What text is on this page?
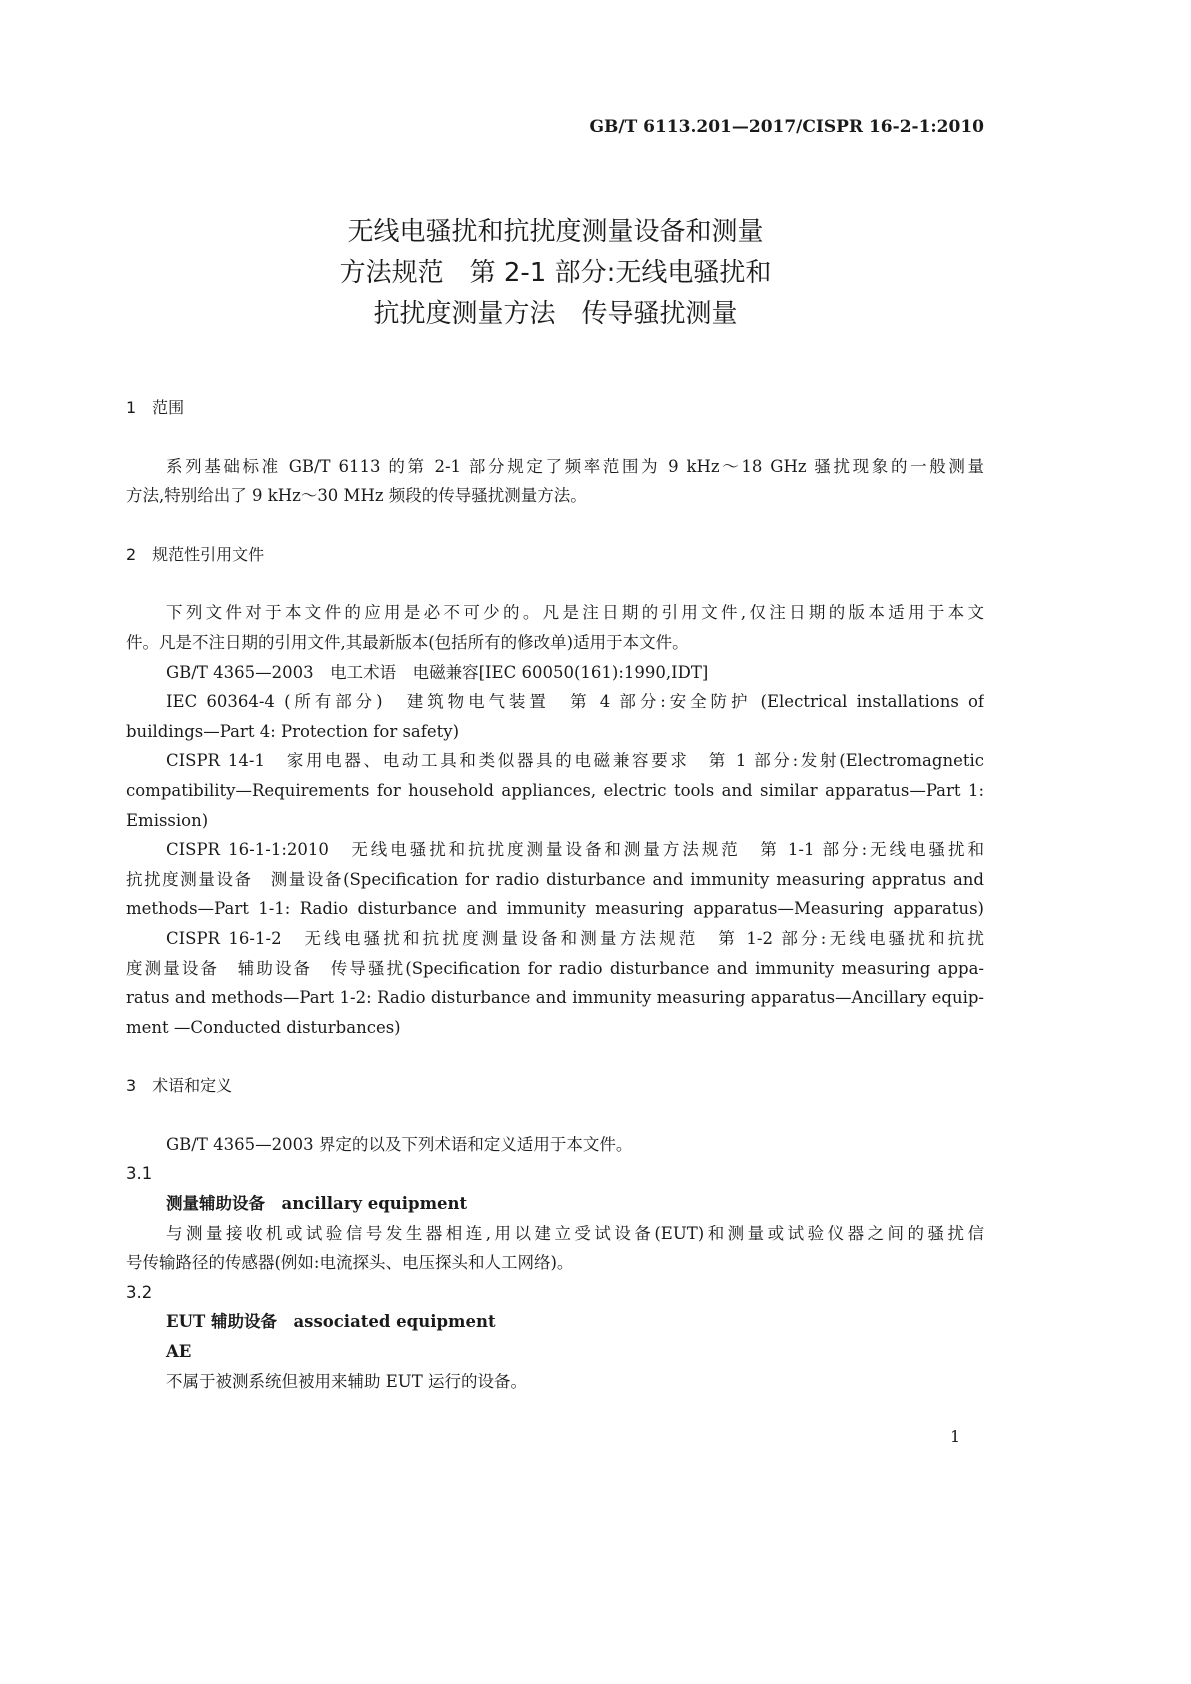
GB/T 6113.201—2017/CISPR 16-2-1:2010
无线电骚扰和抗扰度测量设备和测量
方法规范　第 2-1 部分:无线电骚扰和
抗扰度测量方法　传导骚扰测量
1　范围
系列基础标准 GB/T 6113 的第 2-1 部分规定了频率范围为 9 kHz～18 GHz 骚扰现象的一般测量
方法,特别给出了 9 kHz～30 MHz 频段的传导骚扰测量方法。
2　规范性引用文件
下列文件对于本文件的应用是必不可少的。凡是注日期的引用文件,仅注日期的版本适用于本文
件。凡是不注日期的引用文件,其最新版本(包括所有的修改单)适用于本文件。
GB/T 4365—2003　电工术语　电磁兼容[IEC 60050(161):1990,IDT]
IEC 60364-4 (所有部分)　建筑物电气装置　第 4 部分:安全防护 (Electrical installations of
buildings—Part 4: Protection for safety)
CISPR 14-1　家用电器、电动工具和类似器具的电磁兼容要求　第 1 部分:发射(Electromagnetic
compatibility—Requirements for household appliances, electric tools and similar apparatus—Part 1:
Emission)
CISPR 16-1-1:2010　无线电骚扰和抗扰度测量设备和测量方法规范　第 1-1 部分:无线电骚扰和
抗扰度测量设备　测量设备(Specification for radio disturbance and immunity measuring appratus and
methods—Part 1-1: Radio disturbance and immunity measuring apparatus—Measuring apparatus)
CISPR 16-1-2　无线电骚扰和抗扰度测量设备和测量方法规范　第 1-2 部分:无线电骚扰和抗扰
度测量设备　辅助设备　传导骚扰(Specification for radio disturbance and immunity measuring appa-
ratus and methods—Part 1-2: Radio disturbance and immunity measuring apparatus—Ancillary equip-
ment —Conducted disturbances)
3　术语和定义
GB/T 4365—2003 界定的以及下列术语和定义适用于本文件。
3.1
测量辅助设备　ancillary equipment
与测量接收机或试验信号发生器相连,用以建立受试设备(EUT)和测量或试验仪器之间的骚扰信
号传输路径的传感器(例如:电流探头、电压探头和人工网络)。
3.2
EUT 辅助设备　associated equipment
AE
不属于被测系统但被用来辅助 EUT 运行的设备。
1
